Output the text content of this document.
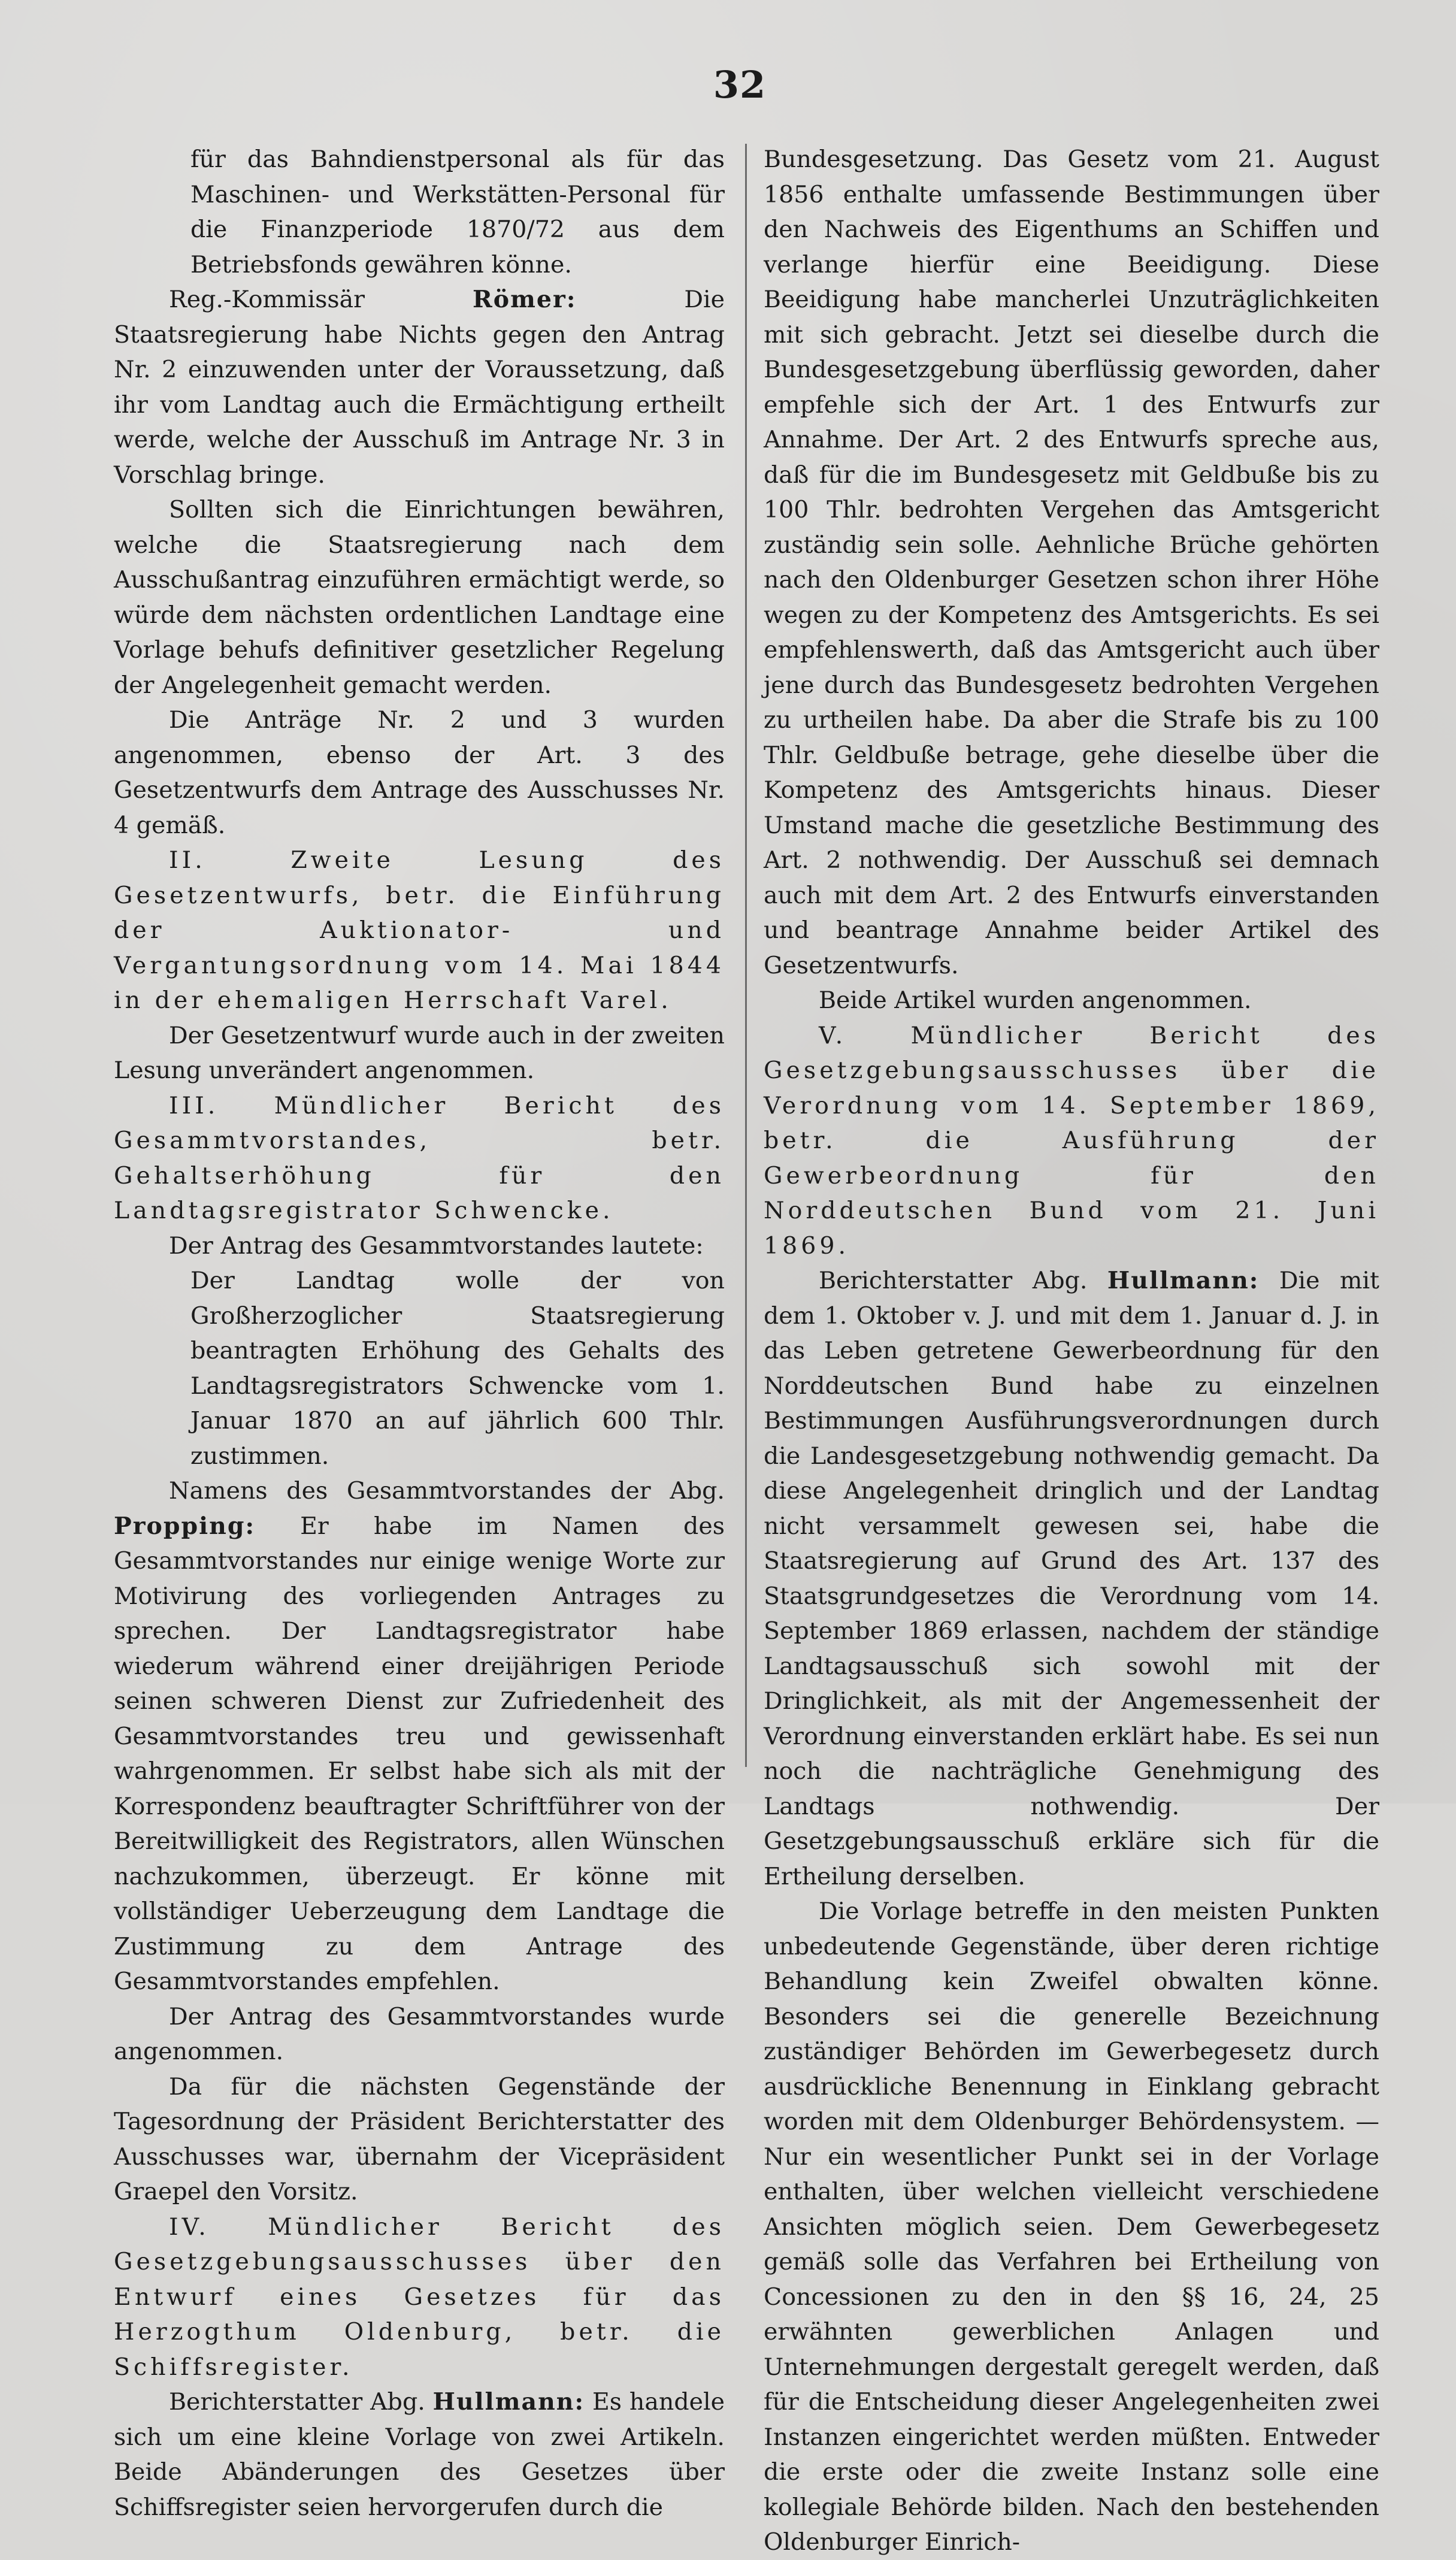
32

für das Bahndienstpersonal als für das Maschinen- und Werkstätten-Personal für die Finanzperiode 1870/72 aus dem Betriebsfonds gewähren könne.

Reg.-Kommissär Römer: Die Staatsregierung habe Nichts gegen den Antrag Nr. 2 einzuwenden unter der Voraussetzung, daß ihr vom Landtag auch die Ermächtigung ertheilt werde, welche der Ausschuß im Antrage Nr. 3 in Vorschlag bringe.

Sollten sich die Einrichtungen bewähren, welche die Staatsregierung nach dem Ausschußantrag einzuführen ermächtigt werde, so würde dem nächsten ordentlichen Landtage eine Vorlage behufs definitiver gesetzlicher Regelung der Angelegenheit gemacht werden.

Die Anträge Nr. 2 und 3 wurden angenommen, ebenso der Art. 3 des Gesetzentwurfs dem Antrage des Ausschusses Nr. 4 gemäß.

II. Zweite Lesung des Gesetzentwurfs, betr. die Einführung der Auktionator- und Vergantungsordnung vom 14. Mai 1844 in der ehemaligen Herrschaft Varel.

Der Gesetzentwurf wurde auch in der zweiten Lesung unverändert angenommen.

III. Mündlicher Bericht des Gesammtvorstandes, betr. Gehaltserhöhung für den Landtagsregistrator Schwencke.

Der Antrag des Gesammtvorstandes lautete:

Der Landtag wolle der von Großherzoglicher Staatsregierung beantragten Erhöhung des Gehalts des Landtagsregistrators Schwencke vom 1. Januar 1870 an auf jährlich 600 Thlr. zustimmen.

Namens des Gesammtvorstandes der Abg. Propping: Er habe im Namen des Gesammtvorstandes nur einige wenige Worte zur Motivirung des vorliegenden Antrages zu sprechen. Der Landtagsregistrator habe wiederum während einer dreijährigen Periode seinen schweren Dienst zur Zufriedenheit des Gesammtvorstandes treu und gewissenhaft wahrgenommen. Er selbst habe sich als mit der Korrespondenz beauftragter Schriftführer von der Bereitwilligkeit des Registrators, allen Wünschen nachzukommen, überzeugt. Er könne mit vollständiger Ueberzeugung dem Landtage die Zustimmung zu dem Antrage des Gesammtvorstandes empfehlen.

Der Antrag des Gesammtvorstandes wurde angenommen.

Da für die nächsten Gegenstände der Tagesordnung der Präsident Berichterstatter des Ausschusses war, übernahm der Vicepräsident Graepel den Vorsitz.

IV. Mündlicher Bericht des Gesetzgebungsausschusses über den Entwurf eines Gesetzes für das Herzogthum Oldenburg, betr. die Schiffsregister.

Berichterstatter Abg. Hullmann: Es handele sich um eine kleine Vorlage von zwei Artikeln. Beide Abänderungen des Gesetzes über Schiffsregister seien hervorgerufen durch die

Bundesgesetzung. Das Gesetz vom 21. August 1856 enthalte umfassende Bestimmungen über den Nachweis des Eigenthums an Schiffen und verlange hierfür eine Beeidigung. Diese Beeidigung habe mancherlei Unzuträglichkeiten mit sich gebracht. Jetzt sei dieselbe durch die Bundesgesetzgebung überflüssig geworden, daher empfehle sich der Art. 1 des Entwurfs zur Annahme. Der Art. 2 des Entwurfs spreche aus, daß für die im Bundesgesetz mit Geldbuße bis zu 100 Thlr. bedrohten Vergehen das Amtsgericht zuständig sein solle. Aehnliche Brüche gehörten nach den Oldenburger Gesetzen schon ihrer Höhe wegen zu der Kompetenz des Amtsgerichts. Es sei empfehlenswerth, daß das Amtsgericht auch über jene durch das Bundesgesetz bedrohten Vergehen zu urtheilen habe. Da aber die Strafe bis zu 100 Thlr. Geldbuße betrage, gehe dieselbe über die Kompetenz des Amtsgerichts hinaus. Dieser Umstand mache die gesetzliche Bestimmung des Art. 2 nothwendig. Der Ausschuß sei demnach auch mit dem Art. 2 des Entwurfs einverstanden und beantrage Annahme beider Artikel des Gesetzentwurfs.

Beide Artikel wurden angenommen.

V. Mündlicher Bericht des Gesetzgebungsausschusses über die Verordnung vom 14. September 1869, betr. die Ausführung der Gewerbeordnung für den Norddeutschen Bund vom 21. Juni 1869.

Berichterstatter Abg. Hullmann: Die mit dem 1. Oktober v. J. und mit dem 1. Januar d. J. in das Leben getretene Gewerbeordnung für den Norddeutschen Bund habe zu einzelnen Bestimmungen Ausführungsverordnungen durch die Landesgesetzgebung nothwendig gemacht. Da diese Angelegenheit dringlich und der Landtag nicht versammelt gewesen sei, habe die Staatsregierung auf Grund des Art. 137 des Staatsgrundgesetzes die Verordnung vom 14. September 1869 erlassen, nachdem der ständige Landtagsausschuß sich sowohl mit der Dringlichkeit, als mit der Angemessenheit der Verordnung einverstanden erklärt habe. Es sei nun noch die nachträgliche Genehmigung des Landtags nothwendig. Der Gesetzgebungsausschuß erkläre sich für die Ertheilung derselben.

Die Vorlage betreffe in den meisten Punkten unbedeutende Gegenstände, über deren richtige Behandlung kein Zweifel obwalten könne. Besonders sei die generelle Bezeichnung zuständiger Behörden im Gewerbegesetz durch ausdrückliche Benennung in Einklang gebracht worden mit dem Oldenburger Behördensystem. — Nur ein wesentlicher Punkt sei in der Vorlage enthalten, über welchen vielleicht verschiedene Ansichten möglich seien. Dem Gewerbegesetz gemäß solle das Verfahren bei Ertheilung von Concessionen zu den in den §§ 16, 24, 25 erwähnten gewerblichen Anlagen und Unternehmungen dergestalt geregelt werden, daß für die Entscheidung dieser Angelegenheiten zwei Instanzen eingerichtet werden müßten. Entweder die erste oder die zweite Instanz solle eine kollegiale Behörde bilden. Nach den bestehenden Oldenburger Einrich-
